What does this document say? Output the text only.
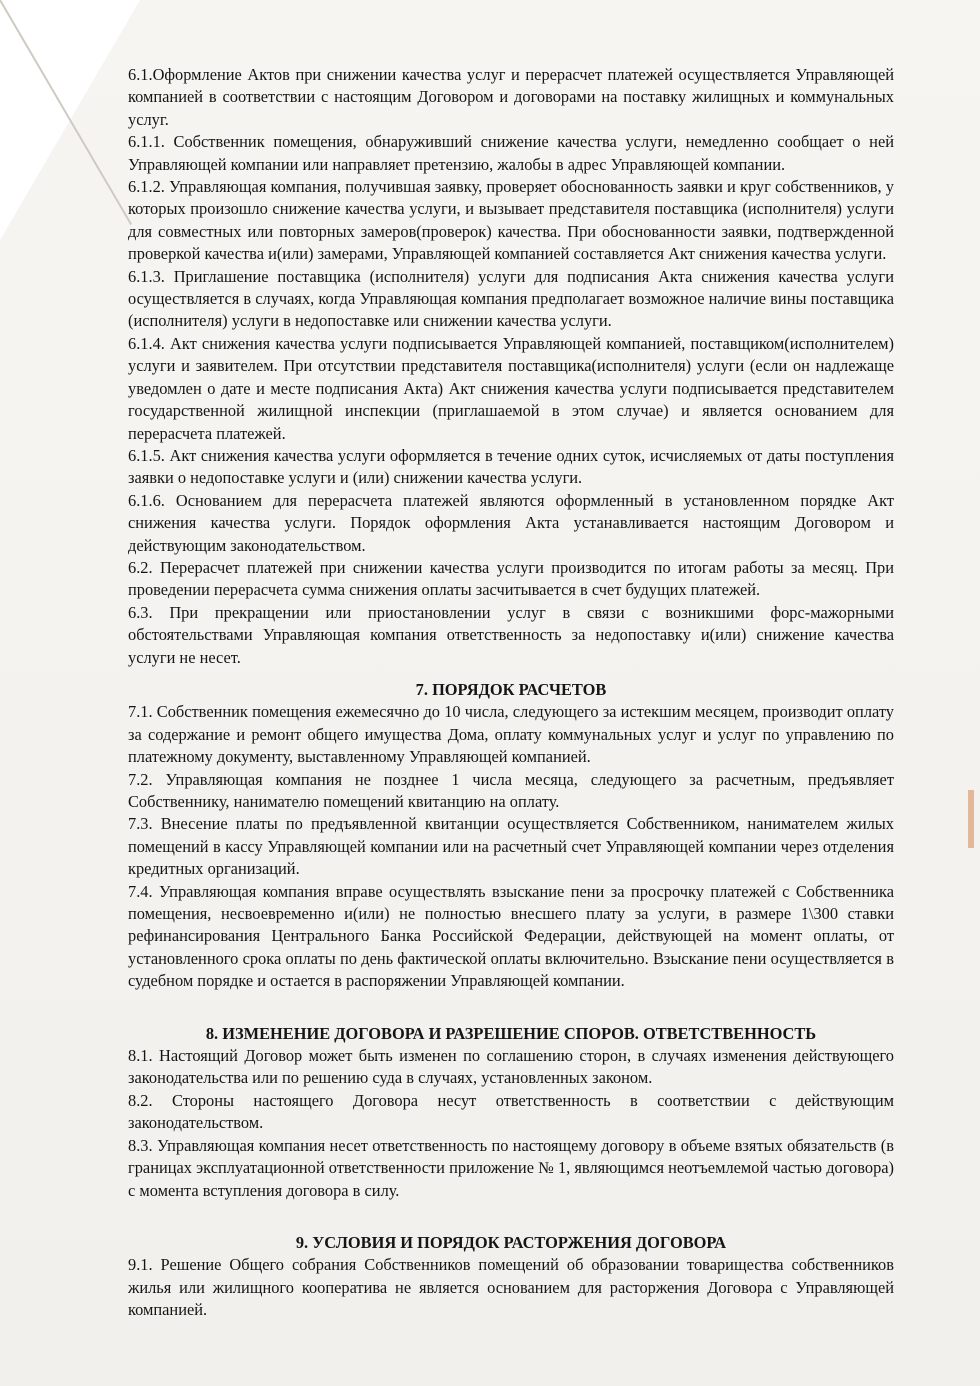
6.1.Оформление Актов при снижении качества услуг и перерасчет платежей осуществляется Управляющей компанией в соответствии с настоящим Договором и договорами на поставку жилищных и коммунальных услуг.

6.1.1. Собственник помещения, обнаруживший снижение качества услуги, немедленно сообщает о ней Управляющей компании или направляет претензию, жалобы в адрес Управляющей компании.

6.1.2. Управляющая компания, получившая заявку, проверяет обоснованность заявки и круг собственников, у которых произошло снижение качества услуги, и вызывает представителя поставщика (исполнителя) услуги для совместных или повторных замеров(проверок) качества. При обоснованности заявки, подтвержденной проверкой качества и(или) замерами, Управляющей компанией составляется Акт снижения качества услуги.

6.1.3. Приглашение поставщика (исполнителя) услуги для подписания Акта снижения качества услуги осуществляется в случаях, когда Управляющая компания предполагает возможное наличие вины поставщика (исполнителя) услуги в недопоставке или снижении качества услуги.

6.1.4. Акт снижения качества услуги подписывается Управляющей компанией, поставщиком(исполнителем) услуги и заявителем. При отсутствии представителя поставщика(исполнителя) услуги (если он надлежаще уведомлен о дате и месте подписания Акта) Акт снижения качества услуги подписывается представителем государственной жилищной инспекции (приглашаемой в этом случае) и является основанием для перерасчета платежей.

6.1.5. Акт снижения качества услуги оформляется в течение одних суток, исчисляемых от даты поступления заявки о недопоставке услуги и (или) снижении качества услуги.

6.1.6. Основанием для перерасчета платежей являются оформленный в установленном порядке Акт снижения качества услуги. Порядок оформления Акта устанавливается настоящим Договором и действующим законодательством.

6.2. Перерасчет платежей при снижении качества услуги производится по итогам работы за месяц. При проведении перерасчета сумма снижения оплаты засчитывается в счет будущих платежей.

6.3. При прекращении или приостановлении услуг в связи с возникшими форс-мажорными обстоятельствами Управляющая компания ответственность за недопоставку и(или) снижение качества услуги не несет.

7. ПОРЯДОК РАСЧЕТОВ

7.1. Собственник помещения ежемесячно до 10 числа, следующего за истекшим месяцем, производит оплату за содержание и ремонт общего имущества Дома, оплату коммунальных услуг и услуг по управлению по платежному документу, выставленному Управляющей компанией.

7.2. Управляющая компания не позднее 1 числа месяца, следующего за расчетным, предъявляет Собственнику, нанимателю помещений квитанцию на оплату.

7.3. Внесение платы по предъявленной квитанции осуществляется Собственником, нанимателем жилых помещений в кассу Управляющей компании или на расчетный счет Управляющей компании через отделения кредитных организаций.

7.4. Управляющая компания вправе осуществлять взыскание пени за просрочку платежей с Собственника помещения, несвоевременно и(или) не полностью внесшего плату за услуги, в размере 1\300 ставки рефинансирования Центрального Банка Российской Федерации, действующей на момент оплаты, от установленного срока оплаты по день фактической оплаты включительно. Взыскание пени осуществляется в судебном порядке и остается в распоряжении Управляющей компании.

8. ИЗМЕНЕНИЕ ДОГОВОРА И РАЗРЕШЕНИЕ СПОРОВ. ОТВЕТСТВЕННОСТЬ

8.1. Настоящий Договор может быть изменен по соглашению сторон, в случаях изменения действующего законодательства или по решению суда в случаях, установленных законом.

8.2. Стороны настоящего Договора несут ответственность в соответствии с действующим законодательством.

8.3. Управляющая компания несет ответственность по настоящему договору в объеме взятых обязательств (в границах эксплуатационной ответственности приложение № 1, являющимся неотъемлемой частью договора) с момента вступления договора в силу.

9. УСЛОВИЯ И ПОРЯДОК РАСТОРЖЕНИЯ ДОГОВОРА

9.1. Решение Общего собрания Собственников помещений об образовании товарищества собственников жилья или жилищного кооператива не является основанием для расторжения Договора с Управляющей компанией.
